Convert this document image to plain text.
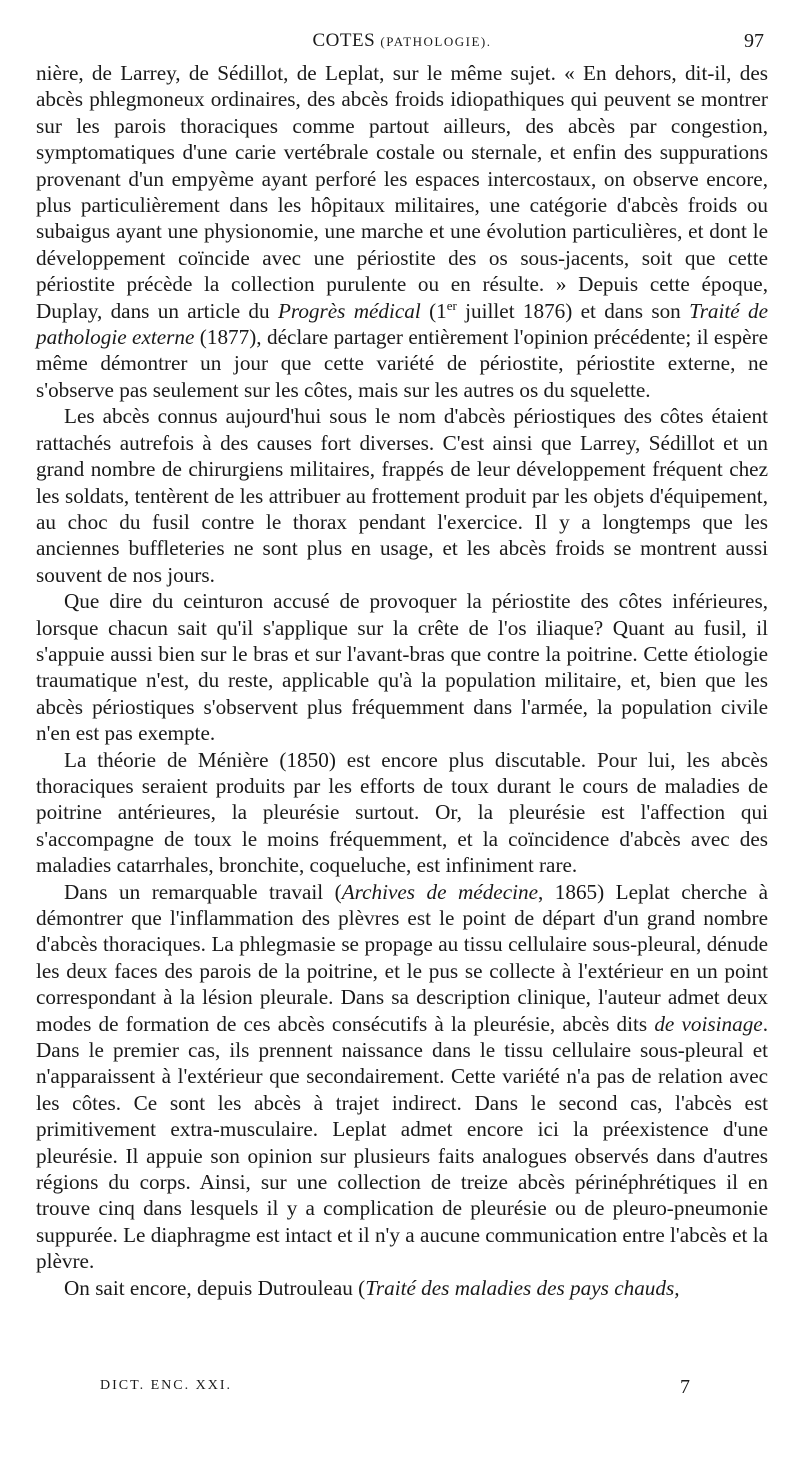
COTES (PATHOLOGIE).	97

nière, de Larrey, de Sédillot, de Leplat, sur le même sujet. « En dehors, dit-il, des abcès phlegmoneux ordinaires, des abcès froids idiopathiques qui peuvent se montrer sur les parois thoraciques comme partout ailleurs, des abcès par congestion, symptomatiques d'une carie vertébrale costale ou sternale, et enfin des suppurations provenant d'un empyème ayant perforé les espaces intercostaux, on observe encore, plus particulièrement dans les hôpitaux militaires, une catégorie d'abcès froids ou subaigus ayant une physionomie, une marche et une évolution particulières, et dont le développement coïncide avec une périostite des os sous-jacents, soit que cette périostite précède la collection purulente ou en résulte. » Depuis cette époque, Duplay, dans un article du Progrès médical (1er juillet 1876) et dans son Traité de pathologie externe (1877), déclare partager entièrement l'opinion précédente; il espère même démontrer un jour que cette variété de périostite, périostite externe, ne s'observe pas seulement sur les côtes, mais sur les autres os du squelette.

Les abcès connus aujourd'hui sous le nom d'abcès périostiques des côtes étaient rattachés autrefois à des causes fort diverses. C'est ainsi que Larrey, Sédillot et un grand nombre de chirurgiens militaires, frappés de leur développement fréquent chez les soldats, tentèrent de les attribuer au frottement produit par les objets d'équipement, au choc du fusil contre le thorax pendant l'exercice. Il y a longtemps que les anciennes buffleteries ne sont plus en usage, et les abcès froids se montrent aussi souvent de nos jours.

Que dire du ceinturon accusé de provoquer la périostite des côtes inférieures, lorsque chacun sait qu'il s'applique sur la crête de l'os iliaque? Quant au fusil, il s'appuie aussi bien sur le bras et sur l'avant-bras que contre la poitrine. Cette étiologie traumatique n'est, du reste, applicable qu'à la population militaire, et, bien que les abcès périostiques s'observent plus fréquemment dans l'armée, la population civile n'en est pas exempte.

La théorie de Ménière (1850) est encore plus discutable. Pour lui, les abcès thoraciques seraient produits par les efforts de toux durant le cours de maladies de poitrine antérieures, la pleurésie surtout. Or, la pleurésie est l'affection qui s'accompagne de toux le moins fréquemment, et la coïncidence d'abcès avec des maladies catarrhales, bronchite, coqueluche, est infiniment rare.

Dans un remarquable travail (Archives de médecine, 1865) Leplat cherche à démontrer que l'inflammation des plèvres est le point de départ d'un grand nombre d'abcès thoraciques. La phlegmasie se propage au tissu cellulaire sous-pleural, dénude les deux faces des parois de la poitrine, et le pus se collecte à l'extérieur en un point correspondant à la lésion pleurale. Dans sa description clinique, l'auteur admet deux modes de formation de ces abcès consécutifs à la pleurésie, abcès dits de voisinage. Dans le premier cas, ils prennent naissance dans le tissu cellulaire sous-pleural et n'apparaissent à l'extérieur que secondairement. Cette variété n'a pas de relation avec les côtes. Ce sont les abcès à trajet indirect. Dans le second cas, l'abcès est primitivement extra-musculaire. Leplat admet encore ici la préexistence d'une pleurésie. Il appuie son opinion sur plusieurs faits analogues observés dans d'autres régions du corps. Ainsi, sur une collection de treize abcès périnéphrétiques il en trouve cinq dans lesquels il y a complication de pleurésie ou de pleuro-pneumonie suppurée. Le diaphragme est intact et il n'y a aucune communication entre l'abcès et la plèvre.

On sait encore, depuis Dutrouleau (Traité des maladies des pays chauds,

DICT. ENC. XXI.	7
